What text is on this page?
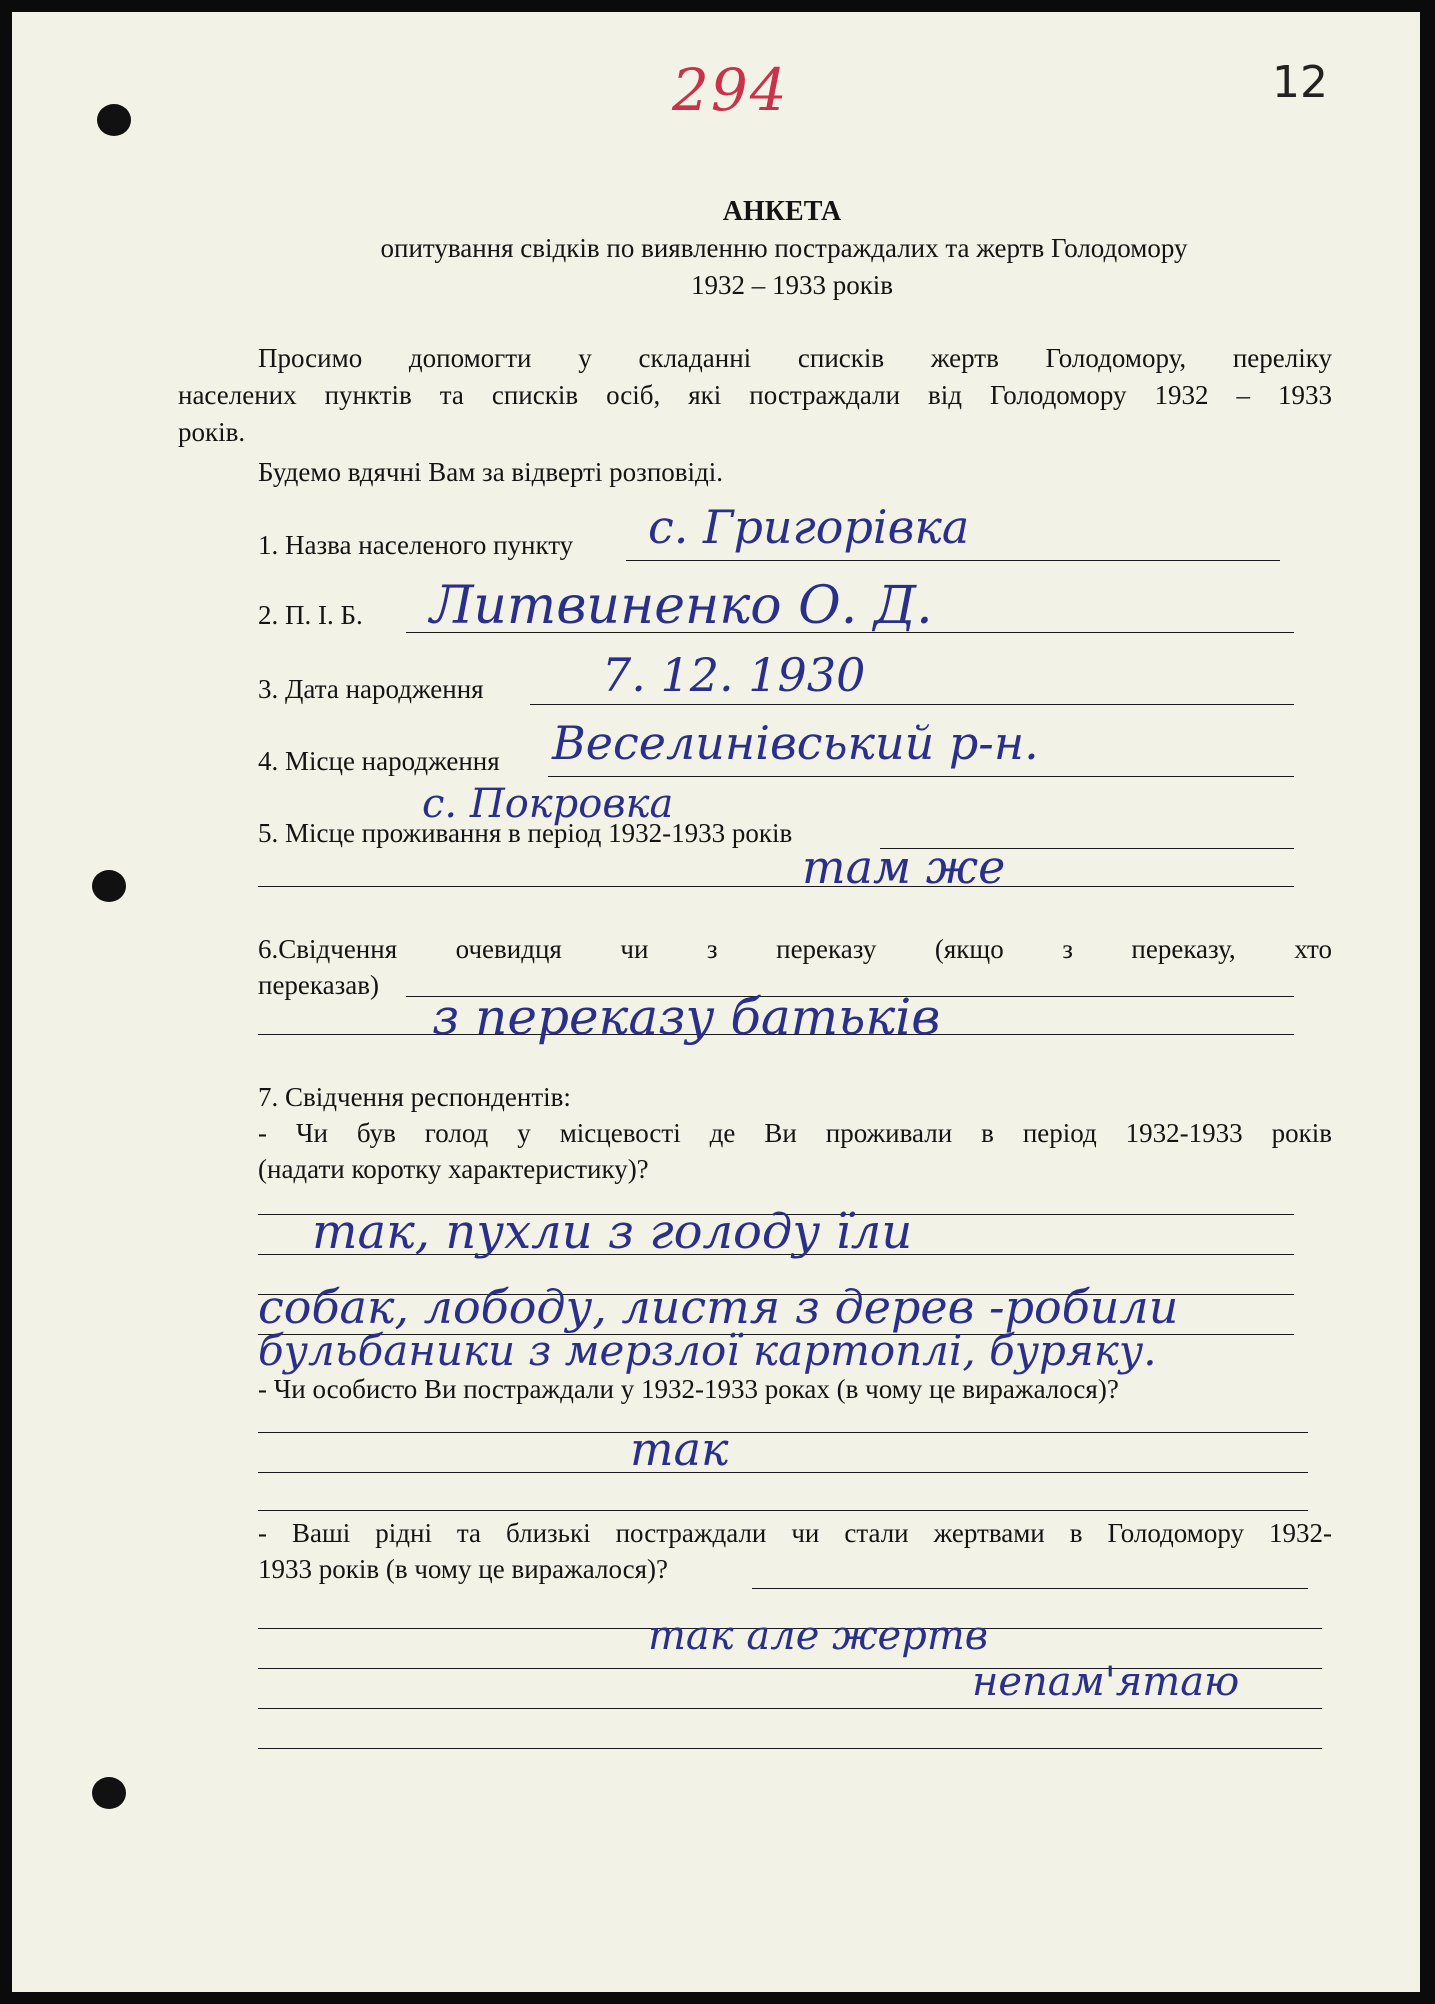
294	12
АНКЕТА
опитування свідків по виявленню постраждалих та жертв Голодомору
1932 – 1933 років
Просимо допомогти у складанні списків жертв Голодомору, переліку
населених пунктів та списків осіб, які постраждали від Голодомору 1932 – 1933
років.
Будемо вдячні Вам за відверті розповіді.
1. Назва населеного пункту с. Григорівка
2. П. І. Б. Литвиненко О. Д.
3. Дата народження	7. 12. 1930
4. Місце народження Веселинівський р-н.
с. Покровка
5. Місце проживання в період 1932-1933 років
там же
6.Свідчення очевидця чи з переказу (якщо з переказу, хто
переказав)
з переказу батьків
7. Свідчення респондентів:
- Чи був голод у місцевості де Ви проживали в період 1932-1933 років
(надати коротку характеристику)?
так, пухли з голоду їли
собак, лободу, листя з дерев -робили
бульбаники з мерзлої картоплі, буряку.
- Чи особисто Ви постраждали у 1932-1933 роках (в чому це виражалося)?
так
- Ваші рідні та близькі постраждали чи стали жертвами в Голодомору 1932-
1933 років (в чому це виражалося)?
так але жертв
непам'ятаю
